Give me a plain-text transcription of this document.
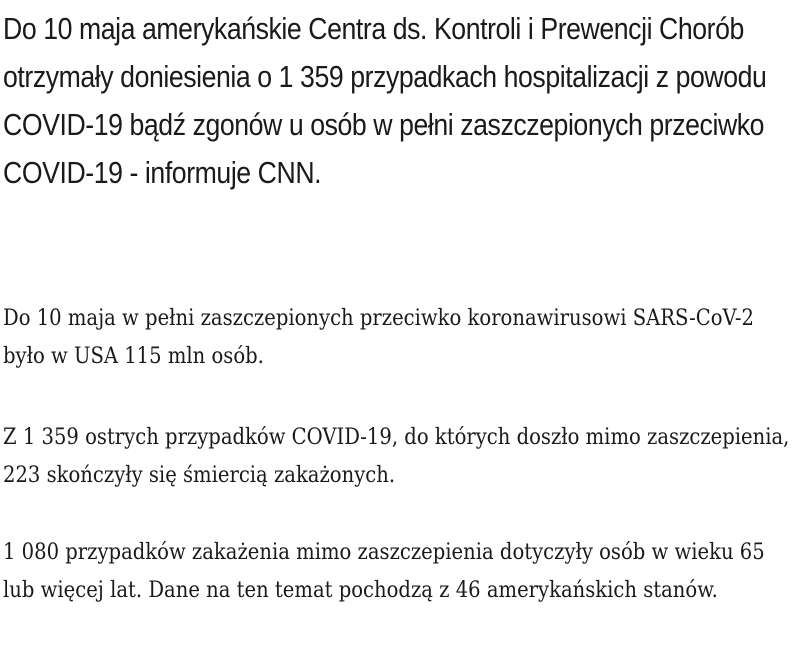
Do 10 maja amerykańskie Centra ds. Kontroli i Prewencji Chorób otrzymały doniesienia o 1 359 przypadkach hospitalizacji z powodu COVID-19 bądź zgonów u osób w pełni zaszczepionych przeciwko COVID-19 - informuje CNN.

Do 10 maja w pełni zaszczepionych przeciwko koronawirusowi SARS-CoV-2 było w USA 115 mln osób.

Z 1 359 ostrych przypadków COVID-19, do których doszło mimo zaszczepienia, 223 skończyły się śmiercią zakażonych.

1 080 przypadków zakażenia mimo zaszczepienia dotyczyły osób w wieku 65 lub więcej lat. Dane na ten temat pochodzą z 46 amerykańskich stanów.
